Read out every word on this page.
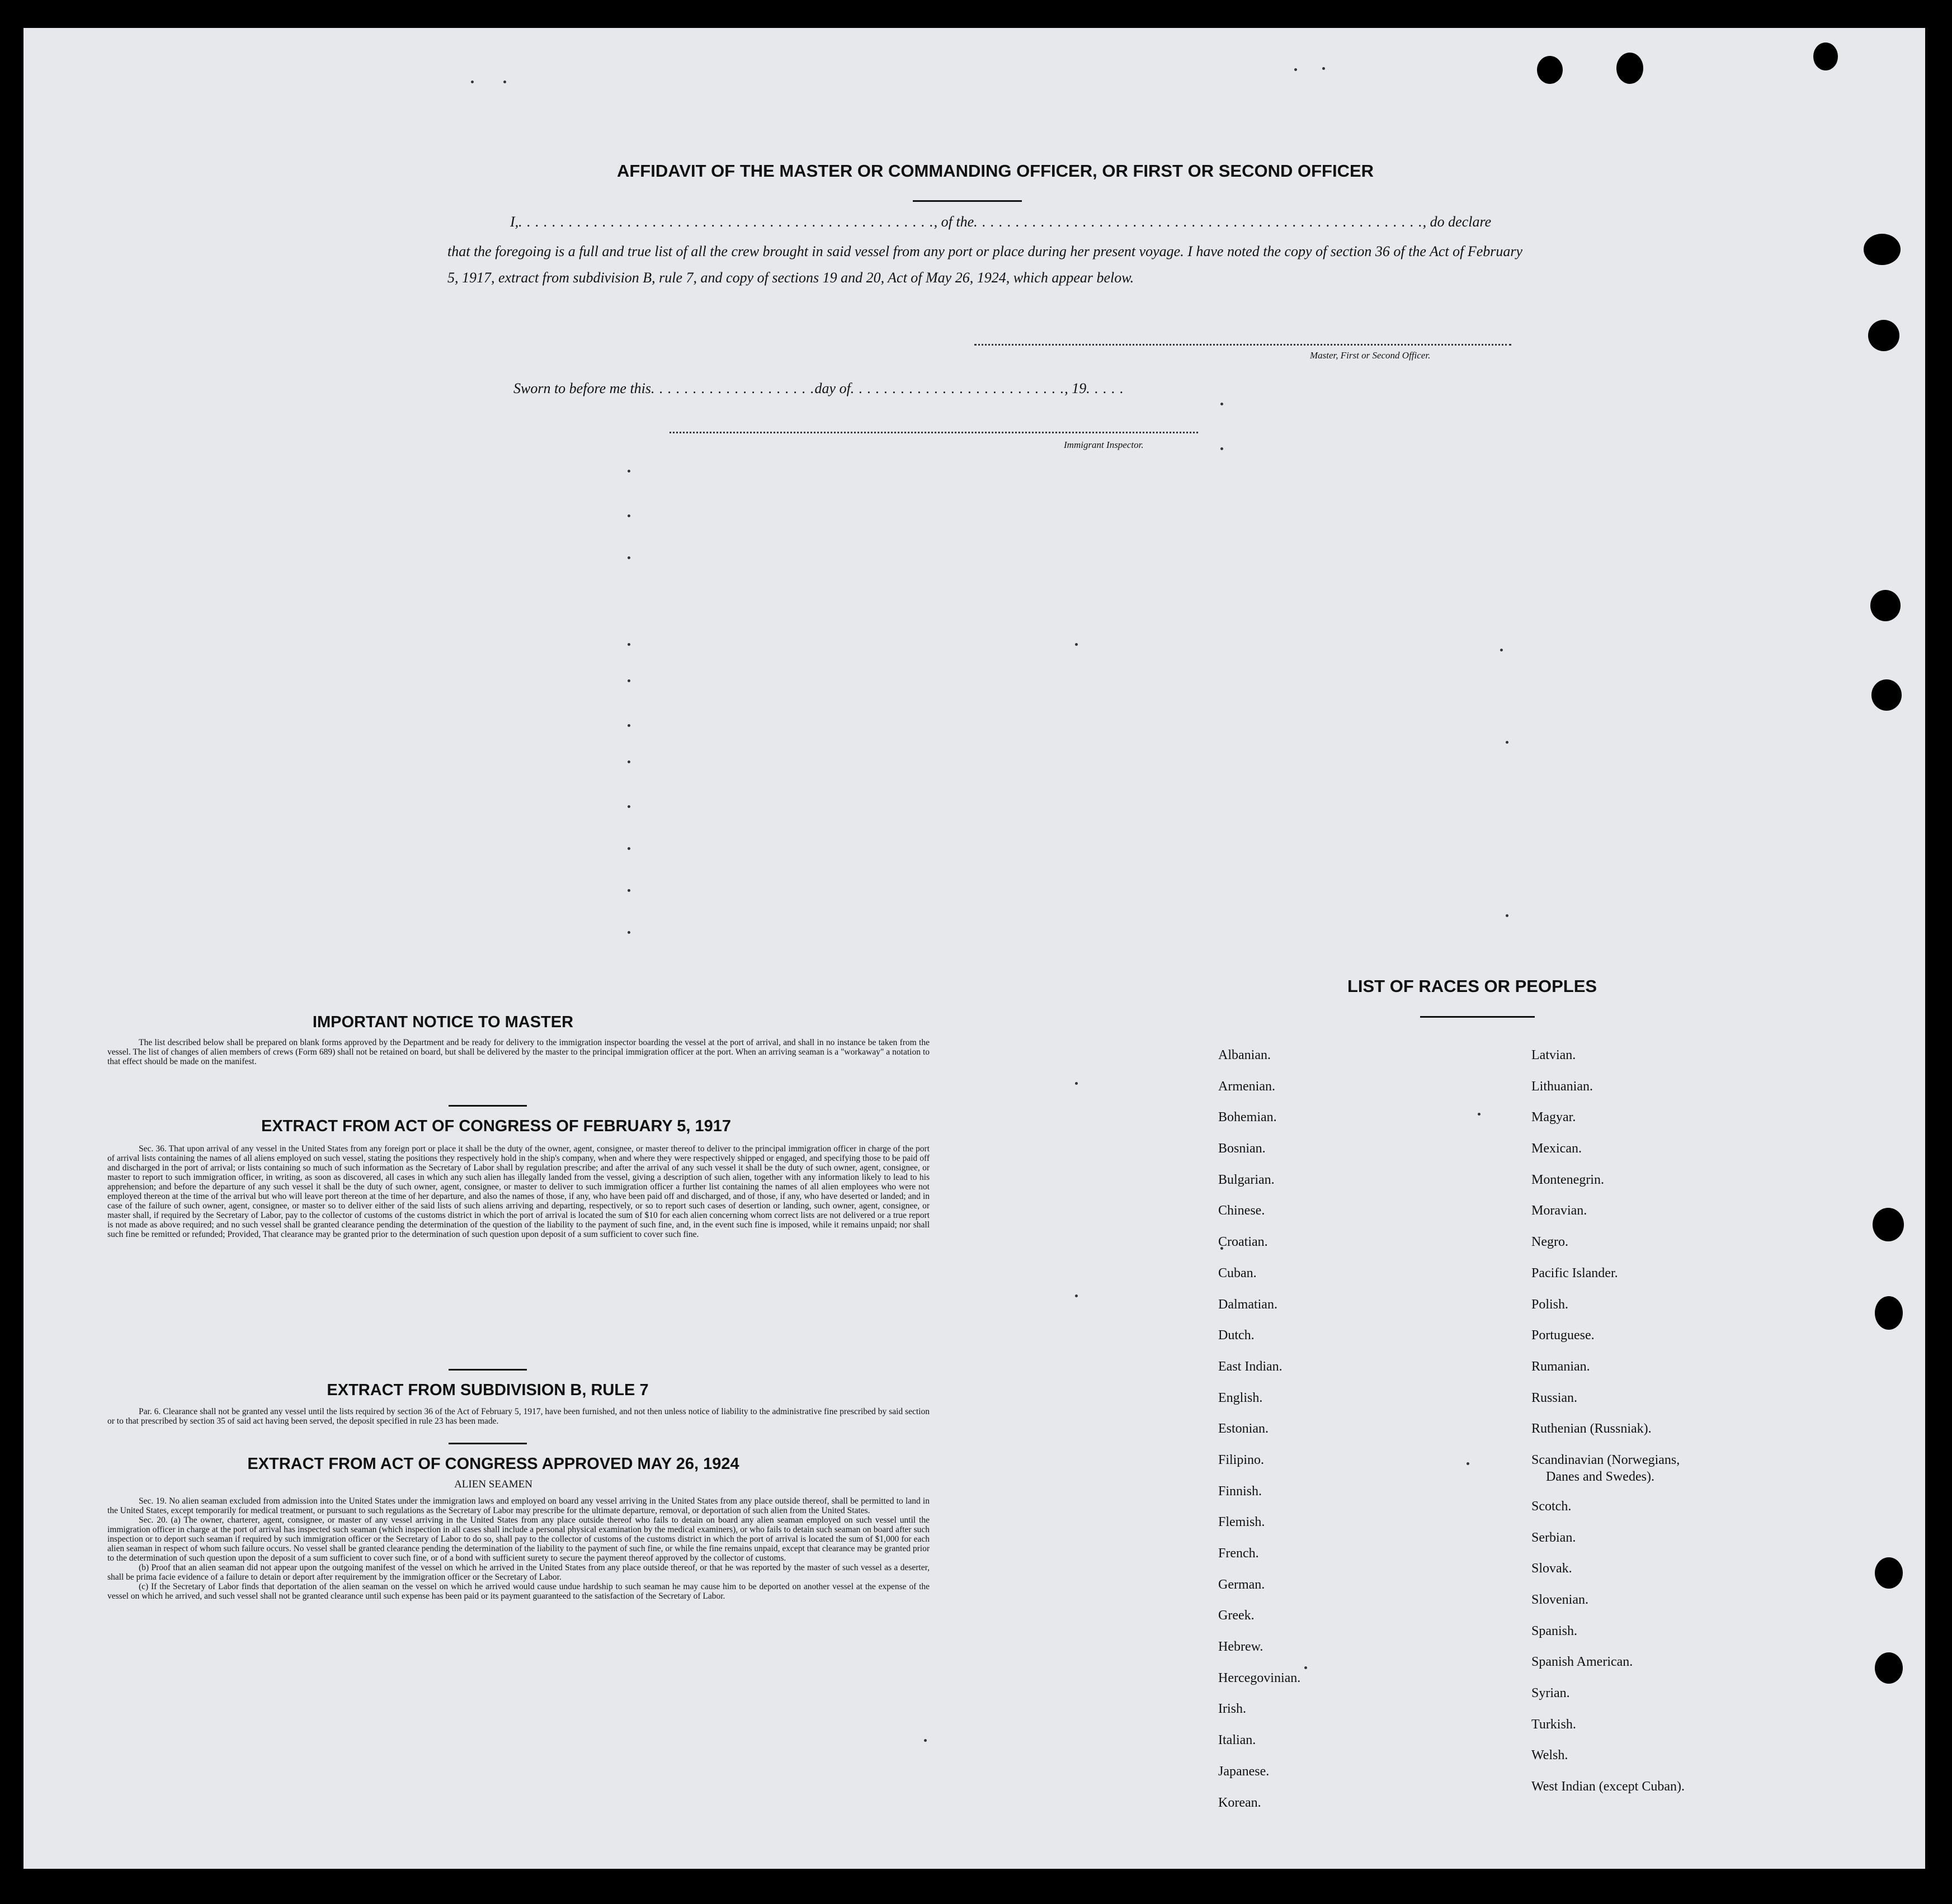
AFFIDAVIT OF THE MASTER OR COMMANDING OFFICER, OR FIRST OR SECOND OFFICER
I,. . . . . . . . . . . . . . . . . . . . . . . . . . . . . . . . . . . . . . . . . . . . . . . . . ., of the. . . . . . . . . . . . . . . . . . . . . . . . . . . . . . . . . . . . . . . . . . . . . . . . . . . . . ., do declare
that the foregoing is a full and true list of all the crew brought in said vessel from any port or place during her present voyage. I have noted the copy of section 36 of the Act of February 5, 1917, extract from subdivision B, rule 7, and copy of sections 19 and 20, Act of May 26, 1924, which appear below.
Master, First or Second Officer.
Sworn to before me this. . . . . . . . . . . . . . . . . . . .day of. . . . . . . . . . . . . . . . . . . . . . . . . ., 19. . . . .
Immigrant Inspector.
IMPORTANT NOTICE TO MASTER

The list described below shall be prepared on blank forms approved by the Department and be ready for delivery to the immigration inspector boarding the vessel at the port of arrival, and shall in no instance be taken from the vessel. The list of changes of alien members of crews (Form 689) shall not be retained on board, but shall be delivered by the master to the principal immigration officer at the port. When an arriving seaman is a "workaway" a notation to that effect should be made on the manifest.

EXTRACT FROM ACT OF CONGRESS OF FEBRUARY 5, 1917

Sec. 36. That upon arrival of any vessel in the United States from any foreign port or place it shall be the duty of the owner, agent, consignee, or master thereof to deliver to the principal immigration officer in charge of the port of arrival lists containing the names of all aliens employed on such vessel, stating the positions they respectively hold in the ship's company, when and where they were respectively shipped or engaged, and specifying those to be paid off and discharged in the port of arrival; or lists containing so much of such information as the Secretary of Labor shall by regulation prescribe; and after the arrival of any such vessel it shall be the duty of such owner, agent, consignee, or master to report to such immigration officer, in writing, as soon as discovered, all cases in which any such alien has illegally landed from the vessel, giving a description of such alien, together with any information likely to lead to his apprehension; and before the departure of any such vessel it shall be the duty of such owner, agent, consignee, or master to deliver to such immigration officer a further list containing the names of all alien employees who were not employed thereon at the time of the arrival but who will leave port thereon at the time of her departure, and also the names of those, if any, who have been paid off and discharged, and of those, if any, who have deserted or landed; and in case of the failure of such owner, agent, consignee, or master so to deliver either of the said lists of such aliens arriving and departing, respectively, or so to report such cases of desertion or landing, such owner, agent, consignee, or master shall, if required by the Secretary of Labor, pay to the collector of customs of the customs district in which the port of arrival is located the sum of $10 for each alien concerning whom correct lists are not delivered or a true report is not made as above required; and no such vessel shall be granted clearance pending the determination of the question of the liability to the payment of such fine, and, in the event such fine is imposed, while it remains unpaid; nor shall such fine be remitted or refunded; Provided, That clearance may be granted prior to the determination of such question upon deposit of a sum sufficient to cover such fine.

EXTRACT FROM SUBDIVISION B, RULE 7

Par. 6. Clearance shall not be granted any vessel until the lists required by section 36 of the Act of February 5, 1917, have been furnished, and not then unless notice of liability to the administrative fine prescribed by said section or to that prescribed by section 35 of said act having been served, the deposit specified in rule 23 has been made.

EXTRACT FROM ACT OF CONGRESS APPROVED MAY 26, 1924
ALIEN SEAMEN

Sec. 19. No alien seaman excluded from admission into the United States under the immigration laws and employed on board any vessel arriving in the United States from any place outside thereof, shall be permitted to land in the United States, except temporarily for medical treatment, or pursuant to such regulations as the Secretary of Labor may prescribe for the ultimate departure, removal, or deportation of such alien from the United States.

Sec. 20. (a) The owner, charterer, agent, consignee, or master of any vessel arriving in the United States from any place outside thereof who fails to detain on board any alien seaman employed on such vessel until the immigration officer in charge at the port of arrival has inspected such seaman (which inspection in all cases shall include a personal physical examination by the medical examiners), or who fails to detain such seaman on board after such inspection or to deport such seaman if required by such immigration officer or the Secretary of Labor to do so, shall pay to the collector of customs of the customs district in which the port of arrival is located the sum of $1,000 for each alien seaman in respect of whom such failure occurs. No vessel shall be granted clearance pending the determination of the liability to the payment of such fine, or while the fine remains unpaid, except that clearance may be granted prior to the determination of such question upon the deposit of a sum sufficient to cover such fine, or of a bond with sufficient surety to secure the payment thereof approved by the collector of customs.

(b) Proof that an alien seaman did not appear upon the outgoing manifest of the vessel on which he arrived in the United States from any place outside thereof, or that he was reported by the master of such vessel as a deserter, shall be prima facie evidence of a failure to detain or deport after requirement by the immigration officer or the Secretary of Labor.

(c) If the Secretary of Labor finds that deportation of the alien seaman on the vessel on which he arrived would cause undue hardship to such seaman he may cause him to be deported on another vessel at the expense of the vessel on which he arrived, and such vessel shall not be granted clearance until such expense has been paid or its payment guaranteed to the satisfaction of the Secretary of Labor.

LIST OF RACES OR PEOPLES
Albanian.
Armenian.
Bohemian.
Bosnian.
Bulgarian.
Chinese.
Croatian.
Cuban.
Dalmatian.
Dutch.
East Indian.
English.
Estonian.
Filipino.
Finnish.
Flemish.
French.
German.
Greek.
Hebrew.
Hercegovinian.
Irish.
Italian.
Japanese.
Korean.
Latvian.
Lithuanian.
Magyar.
Mexican.
Montenegrin.
Moravian.
Negro.
Pacific Islander.
Polish.
Portuguese.
Rumanian.
Russian.
Ruthenian (Russniak).
Scandinavian (Norwegians,
Danes and Swedes).
Scotch.
Serbian.
Slovak.
Slovenian.
Spanish.
Spanish American.
Syrian.
Turkish.
Welsh.
West Indian (except Cuban).
